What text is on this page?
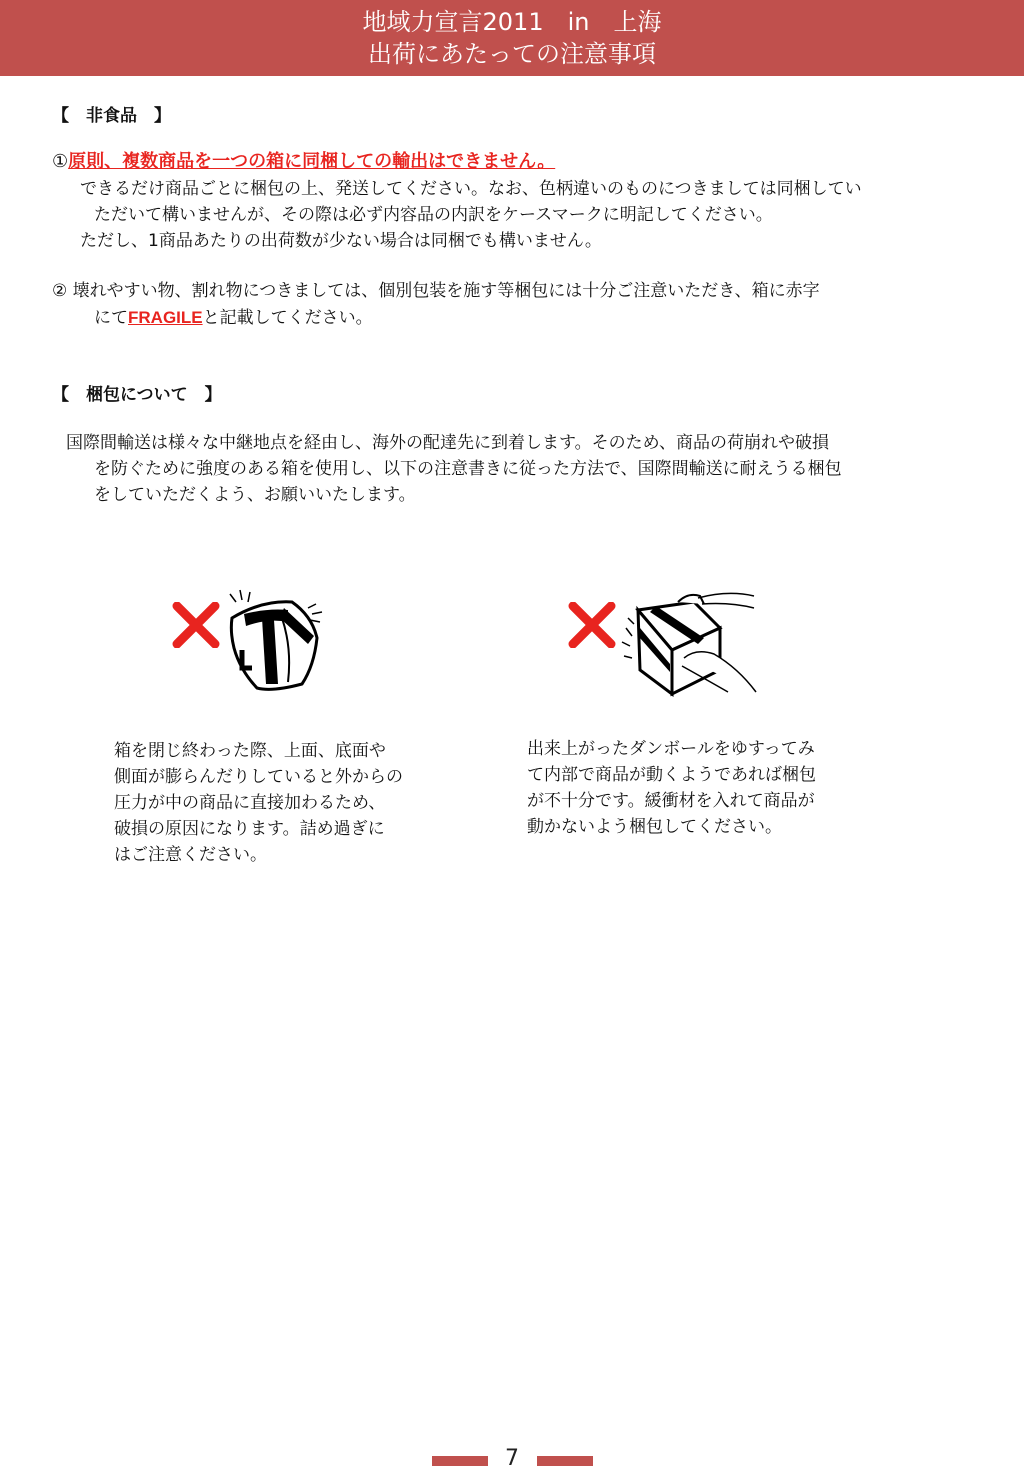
地域力宣言2011　in　上海
出荷にあたっての注意事項
【　非食品　】
①原則、複数商品を一つの箱に同梱しての輸出はできません。
できるだけ商品ごとに梱包の上、発送してください。なお、色柄違いのものにつきましては同梱してい
ただいて構いませんが、その際は必ず内容品の内訳をケースマークに明記してください。
ただし、1商品あたりの出荷数が少ない場合は同梱でも構いません。
② 壊れやすい物、割れ物につきましては、個別包装を施す等梱包には十分ご注意いただき、箱に赤字
にてFRAGILEと記載してください。
【　梱包について　】
国際間輸送は様々な中継地点を経由し、海外の配達先に到着します。そのため、商品の荷崩れや破損
を防ぐために強度のある箱を使用し、以下の注意書きに従った方法で、国際間輸送に耐えうる梱包
をしていただくよう、お願いいたします。
箱を閉じ終わった際、上面、底面や
側面が膨らんだりしていると外からの
圧力が中の商品に直接加わるため、
破損の原因になります。詰め過ぎに
はご注意ください。
出来上がったダンボールをゆすってみ
て内部で商品が動くようであれば梱包
が不十分です。緩衝材を入れて商品が
動かないよう梱包してください。
7
